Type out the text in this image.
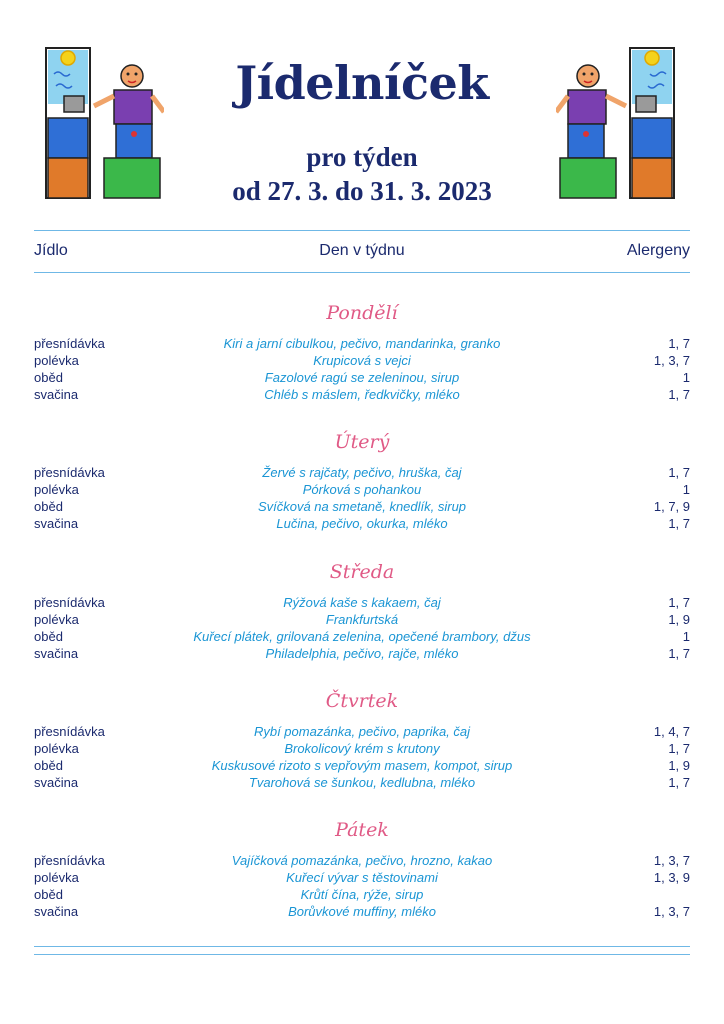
Jídelníček
pro týden
od 27. 3. do 31. 3. 2023
Jídlo	Den v týdnu	Alergeny
Pondělí
přesnídávka	Kiri a jarní cibulkou, pečivo, mandarinka, granko	1, 7
polévka	Krupicová s vejci	1, 3, 7
oběd	Fazolové ragú se zeleninou, sirup	1
svačina	Chléb s máslem, ředkvičky, mléko	1, 7
Úterý
přesnídávka	Žervé s rajčaty, pečivo, hruška, čaj	1, 7
polévka	Pórková s pohankou	1
oběd	Svíčková na smetaně, knedlík, sirup	1, 7, 9
svačina	Lučina, pečivo, okurka, mléko	1, 7
Středa
přesnídávka	Rýžová kaše s kakaem, čaj	1, 7
polévka	Frankfurtská	1, 9
oběd	Kuřecí plátek, grilovaná zelenina, opečené brambory, džus	1
svačina	Philadelphia, pečivo, rajče, mléko	1, 7
Čtvrtek
přesnídávka	Rybí pomazánka, pečivo, paprika, čaj	1, 4, 7
polévka	Brokolicový krém s krutony	1, 7
oběd	Kuskusové rizoto s vepřovým masem, kompot, sirup	1, 9
svačina	Tvarohová se šunkou, kedlubna, mléko	1, 7
Pátek
přesnídávka	Vajíčková pomazánka, pečivo, hrozno, kakao	1, 3, 7
polévka	Kuřecí vývar s těstovinami	1, 3, 9
oběd	Krůtí čína, rýže, sirup
svačina	Borůvkové muffiny, mléko	1, 3, 7
